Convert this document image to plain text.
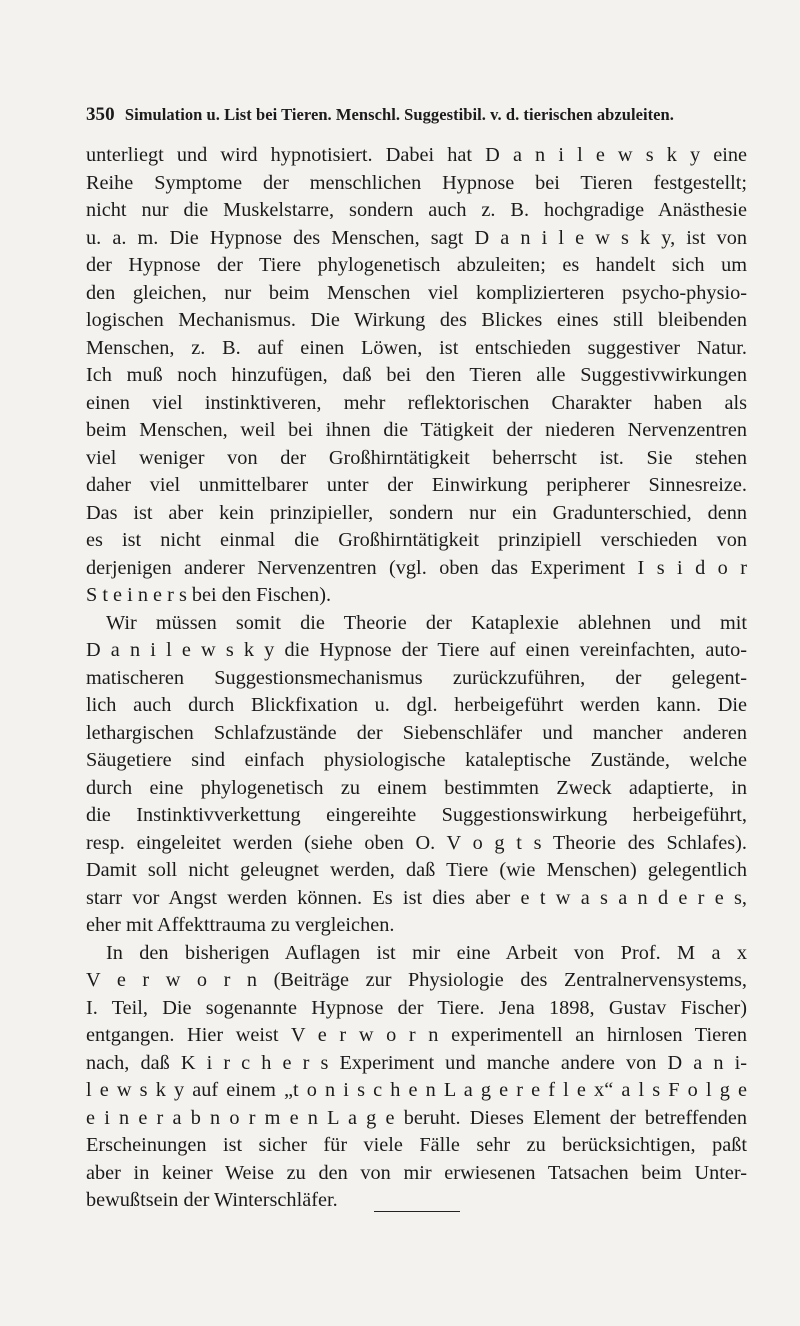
350 Simulation u. List bei Tieren. Menschl. Suggestibil. v. d. tierischen abzuleiten.
unterliegt und wird hypnotisiert. Dabei hat D a n i l e w s k y eine
Reihe Symptome der menschlichen Hypnose bei Tieren festgestellt;
nicht nur die Muskelstarre, sondern auch z. B. hochgradige Anästhesie
u. a. m. Die Hypnose des Menschen, sagt D a n i l e w s k y, ist von
der Hypnose der Tiere phylogenetisch abzuleiten; es handelt sich um
den gleichen, nur beim Menschen viel komplizierteren psycho-physio-
logischen Mechanismus. Die Wirkung des Blickes eines still bleibenden
Menschen, z. B. auf einen Löwen, ist entschieden suggestiver Natur.
Ich muß noch hinzufügen, daß bei den Tieren alle Suggestivwirkungen
einen viel instinktiveren, mehr reflektorischen Charakter haben als
beim Menschen, weil bei ihnen die Tätigkeit der niederen Nervenzentren
viel weniger von der Großhirntätigkeit beherrscht ist. Sie stehen
daher viel unmittelbarer unter der Einwirkung peripherer Sinnesreize.
Das ist aber kein prinzipieller, sondern nur ein Gradunterschied, denn
es ist nicht einmal die Großhirntätigkeit prinzipiell verschieden von
derjenigen anderer Nervenzentren (vgl. oben das Experiment I s i d o r
S t e i n e r s bei den Fischen).
Wir müssen somit die Theorie der Kataplexie ablehnen und mit
D a n i l e w s k y die Hypnose der Tiere auf einen vereinfachten, auto-
matischeren Suggestionsmechanismus zurückzuführen, der gelegent-
lich auch durch Blickfixation u. dgl. herbeigeführt werden kann. Die
lethargischen Schlafzustände der Siebenschläfer und mancher anderen
Säugetiere sind einfach physiologische kataleptische Zustände, welche
durch eine phylogenetisch zu einem bestimmten Zweck adaptierte, in
die Instinktivverkettung eingereihte Suggestionswirkung herbeigeführt,
resp. eingeleitet werden (siehe oben O. V o g t s Theorie des Schlafes).
Damit soll nicht geleugnet werden, daß Tiere (wie Menschen) gelegentlich
starr vor Angst werden können. Es ist dies aber e t w a s a n d e r e s,
eher mit Affekttrauma zu vergleichen.
In den bisherigen Auflagen ist mir eine Arbeit von Prof. M a x
V e r w o r n (Beiträge zur Physiologie des Zentralnervensystems,
I. Teil, Die sogenannte Hypnose der Tiere. Jena 1898, Gustav Fischer)
entgangen. Hier weist V e r w o r n experimentell an hirnlosen Tieren
nach, daß K i r c h e r s Experiment und manche andere von D a n i-
l e w s k y auf einem „t o n i s c h e n L a g e r e f l e x“ a l s F o l g e
e i n e r a b n o r m e n L a g e beruht. Dieses Element der betreffenden
Erscheinungen ist sicher für viele Fälle sehr zu berücksichtigen, paßt
aber in keiner Weise zu den von mir erwiesenen Tatsachen beim Unter-
bewußtsein der Winterschläfer.
